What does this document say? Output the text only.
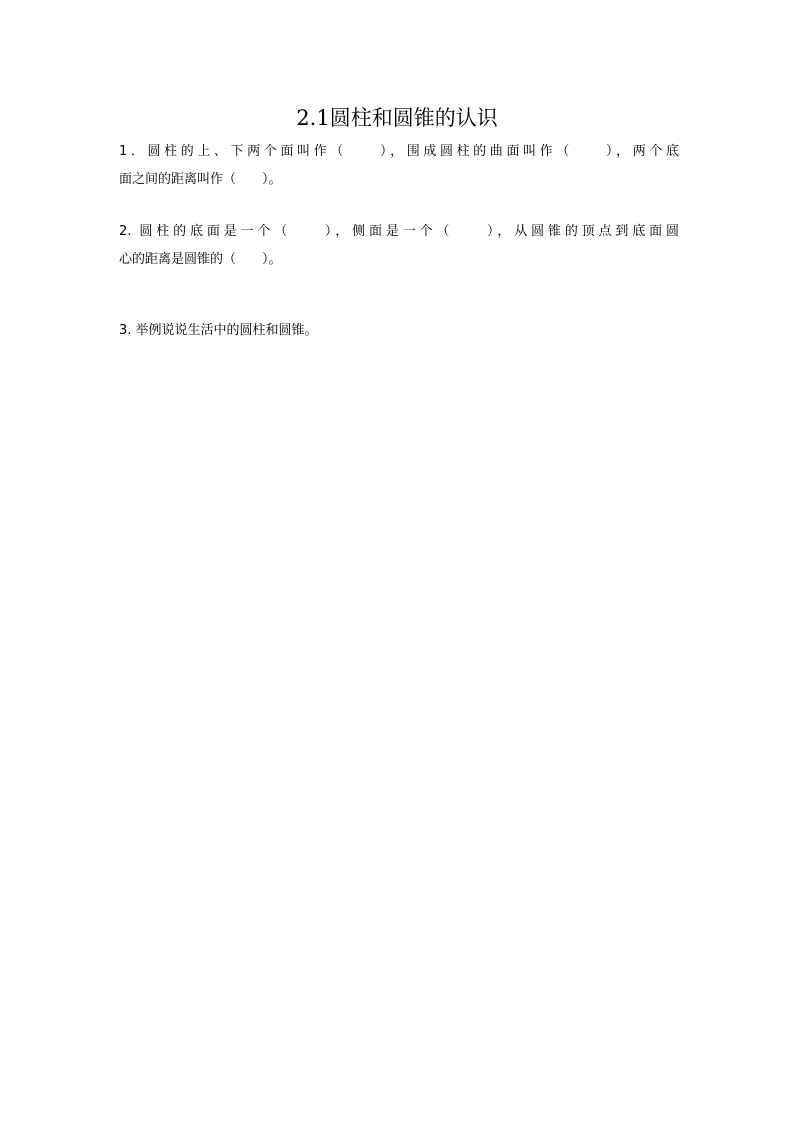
2.1圆柱和圆锥的认识
1．圆柱的上、下两个面叫作（　　），围成圆柱的曲面叫作（　　），两个底
面之间的距离叫作（　　）。
2. 圆柱的底面是一个（　　），侧面是一个（　　），从圆锥的顶点到底面圆
心的距离是圆锥的（　　）。
3. 举例说说生活中的圆柱和圆锥。
